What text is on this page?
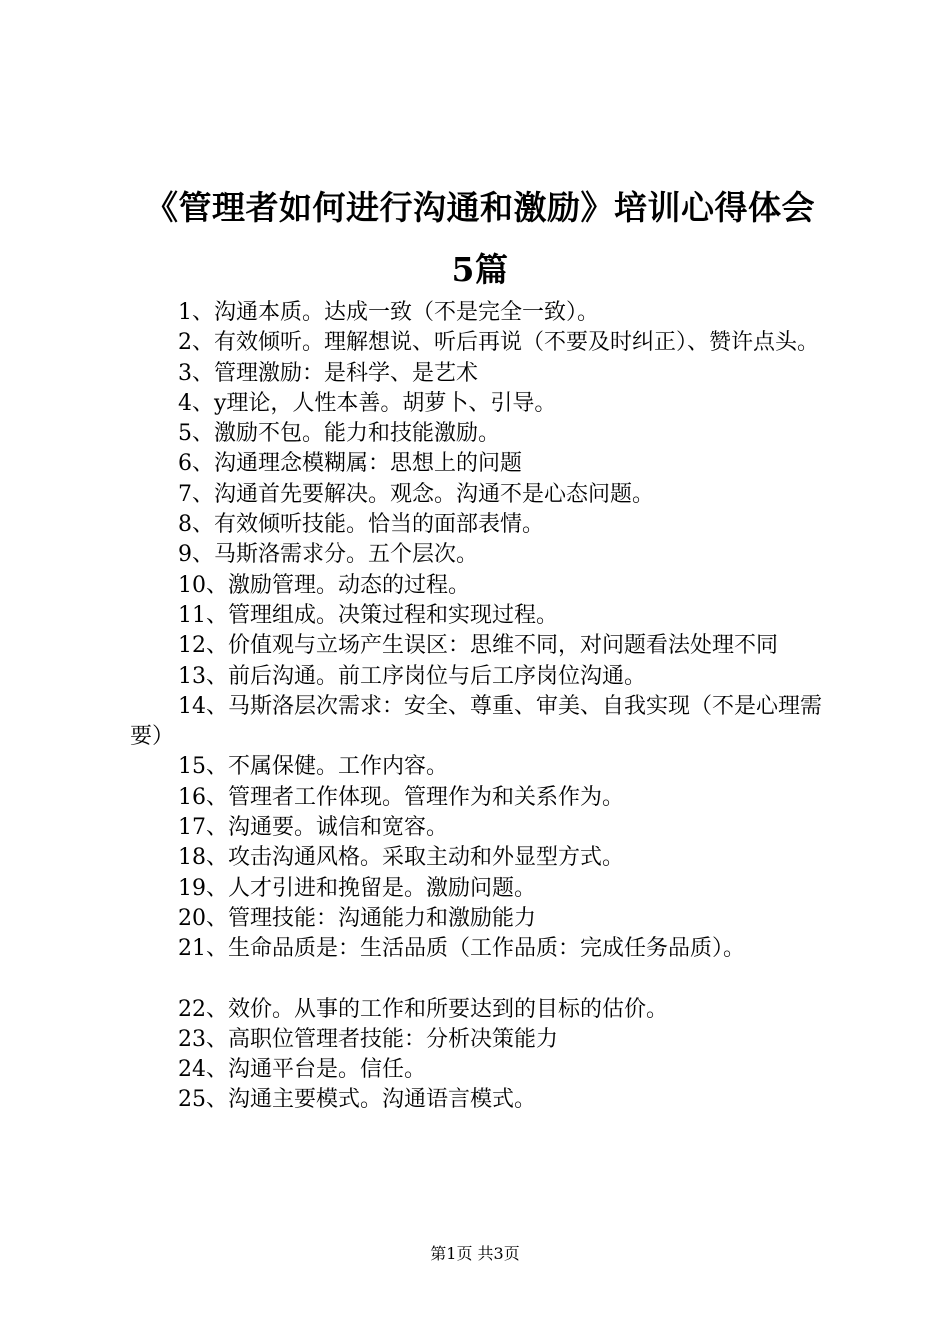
《管理者如何进行沟通和激励》培训心得体会
5篇

1、沟通本质。达成一致（不是完全一致）。

2、有效倾听。理解想说、听后再说（不要及时纠正）、赞许点头。

3、管理激励：是科学、是艺术

4、y理论，人性本善。胡萝卜、引导。

5、激励不包。能力和技能激励。

6、沟通理念模糊属：思想上的问题

7、沟通首先要解决。观念。沟通不是心态问题。

8、有效倾听技能。恰当的面部表情。

9、马斯洛需求分。五个层次。

10、激励管理。动态的过程。

11、管理组成。决策过程和实现过程。

12、价值观与立场产生误区：思维不同，对问题看法处理不同

13、前后沟通。前工序岗位与后工序岗位沟通。

14、马斯洛层次需求：安全、尊重、审美、自我实现（不是心理需要）

15、不属保健。工作内容。

16、管理者工作体现。管理作为和关系作为。

17、沟通要。诚信和宽容。

18、攻击沟通风格。采取主动和外显型方式。

19、人才引进和挽留是。激励问题。

20、管理技能：沟通能力和激励能力

21、生命品质是：生活品质（工作品质：完成任务品质）。

22、效价。从事的工作和所要达到的目标的估价。

23、高职位管理者技能：分析决策能力

24、沟通平台是。信任。

25、沟通主要模式。沟通语言模式。

第1页 共3页
